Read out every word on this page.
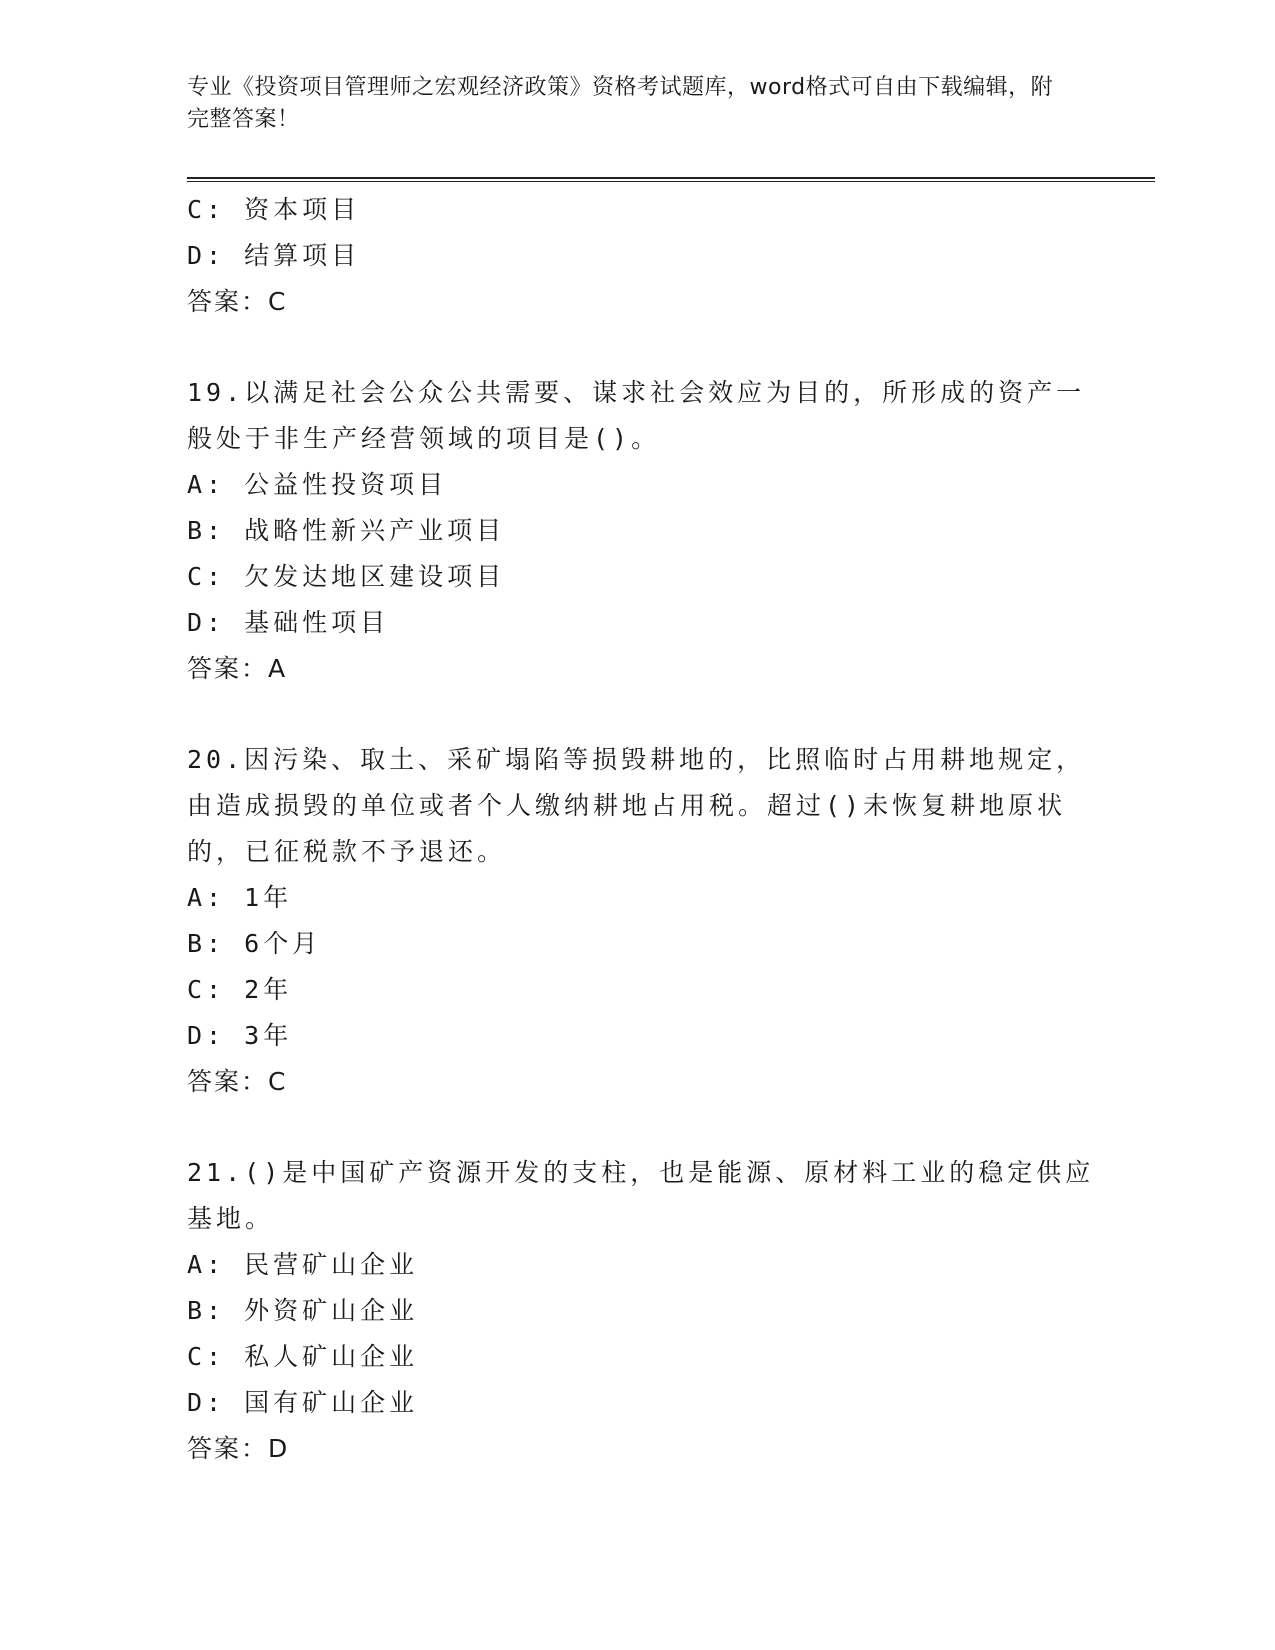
专业《投资项目管理师之宏观经济政策》资格考试题库，word格式可自由下载编辑，附完整答案！
C: 资本项目
D: 结算项目
答案：C
19.以满足社会公众公共需要、谋求社会效应为目的，所形成的资产一
般处于非生产经营领域的项目是()。
A: 公益性投资项目
B: 战略性新兴产业项目
C: 欠发达地区建设项目
D: 基础性项目
答案：A
20.因污染、取土、采矿塌陷等损毁耕地的，比照临时占用耕地规定，
由造成损毁的单位或者个人缴纳耕地占用税。超过()未恢复耕地原状
的，已征税款不予退还。
A: 1年
B: 6个月
C: 2年
D: 3年
答案：C
21.()是中国矿产资源开发的支柱，也是能源、原材料工业的稳定供应
基地。
A: 民营矿山企业
B: 外资矿山企业
C: 私人矿山企业
D: 国有矿山企业
答案：D
